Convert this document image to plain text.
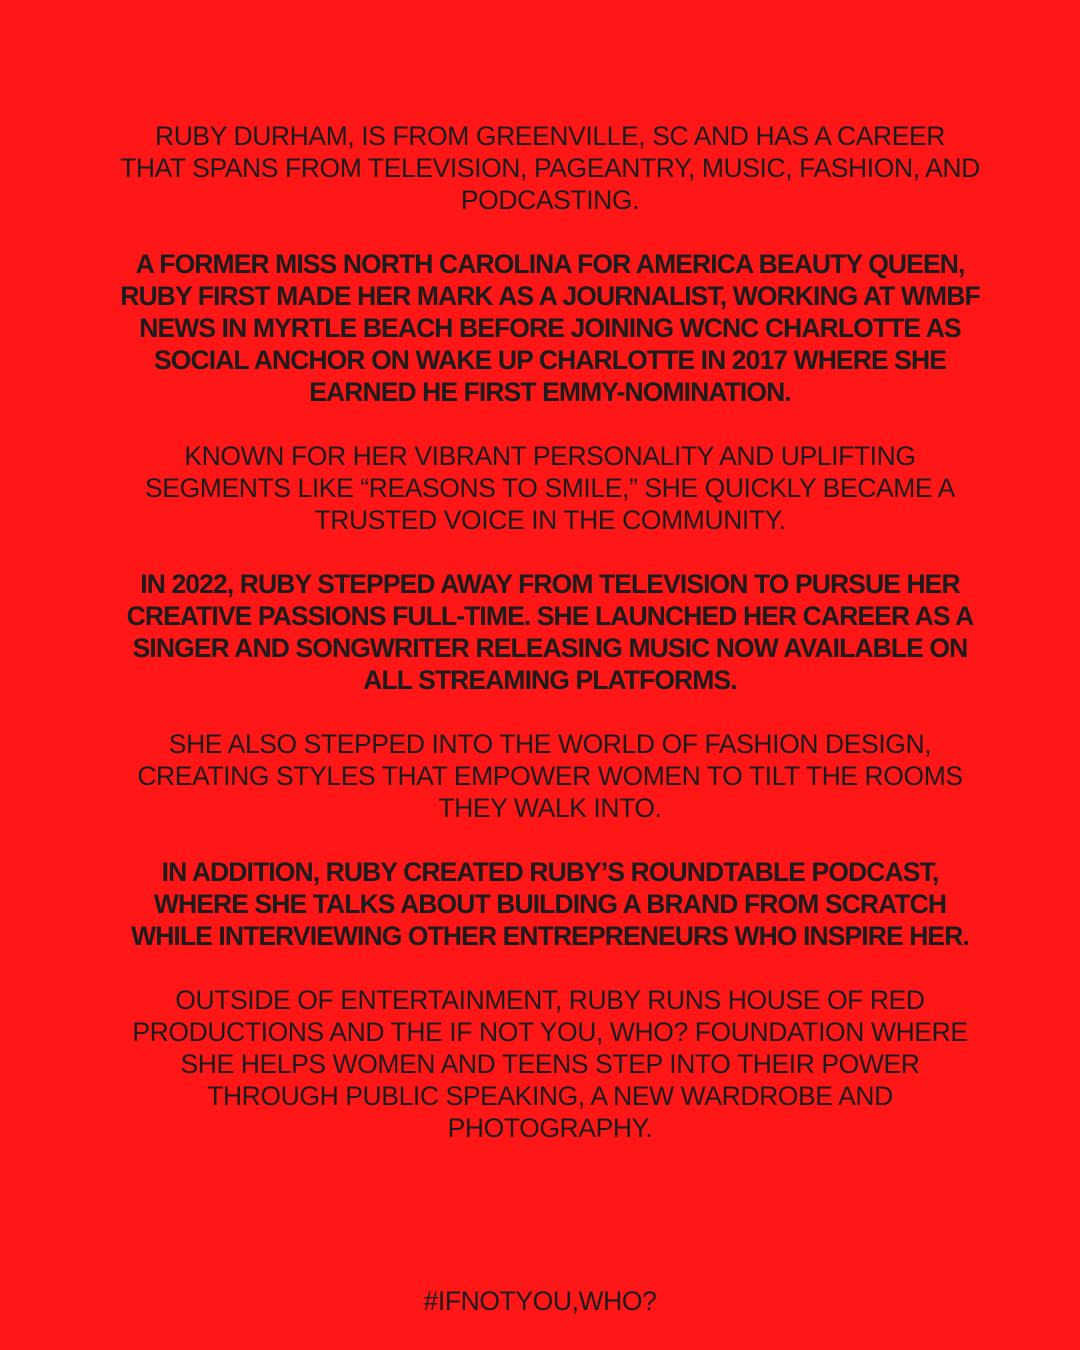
RUBY DURHAM, IS FROM GREENVILLE, SC AND HAS A CAREER THAT SPANS FROM TELEVISION, PAGEANTRY, MUSIC, FASHION, AND PODCASTING.

A FORMER MISS NORTH CAROLINA FOR AMERICA BEAUTY QUEEN, RUBY FIRST MADE HER MARK AS A JOURNALIST, WORKING AT WMBF NEWS IN MYRTLE BEACH BEFORE JOINING WCNC CHARLOTTE AS SOCIAL ANCHOR ON WAKE UP CHARLOTTE IN 2017 WHERE SHE EARNED HE FIRST EMMY-NOMINATION.

KNOWN FOR HER VIBRANT PERSONALITY AND UPLIFTING SEGMENTS LIKE “REASONS TO SMILE,” SHE QUICKLY BECAME A TRUSTED VOICE IN THE COMMUNITY.

IN 2022, RUBY STEPPED AWAY FROM TELEVISION TO PURSUE HER CREATIVE PASSIONS FULL-TIME. SHE LAUNCHED HER CAREER AS A SINGER AND SONGWRITER RELEASING MUSIC NOW AVAILABLE ON ALL STREAMING PLATFORMS.

SHE ALSO STEPPED INTO THE WORLD OF FASHION DESIGN, CREATING STYLES THAT EMPOWER WOMEN TO TILT THE ROOMS THEY WALK INTO.

IN ADDITION, RUBY CREATED RUBY’S ROUNDTABLE PODCAST, WHERE SHE TALKS ABOUT BUILDING A BRAND FROM SCRATCH WHILE INTERVIEWING OTHER ENTREPRENEURS WHO INSPIRE HER.

OUTSIDE OF ENTERTAINMENT, RUBY RUNS HOUSE OF RED PRODUCTIONS AND THE IF NOT YOU, WHO? FOUNDATION WHERE SHE HELPS WOMEN AND TEENS STEP INTO THEIR POWER THROUGH PUBLIC SPEAKING, A NEW WARDROBE AND PHOTOGRAPHY.

#IFNOTYOU,WHO?
